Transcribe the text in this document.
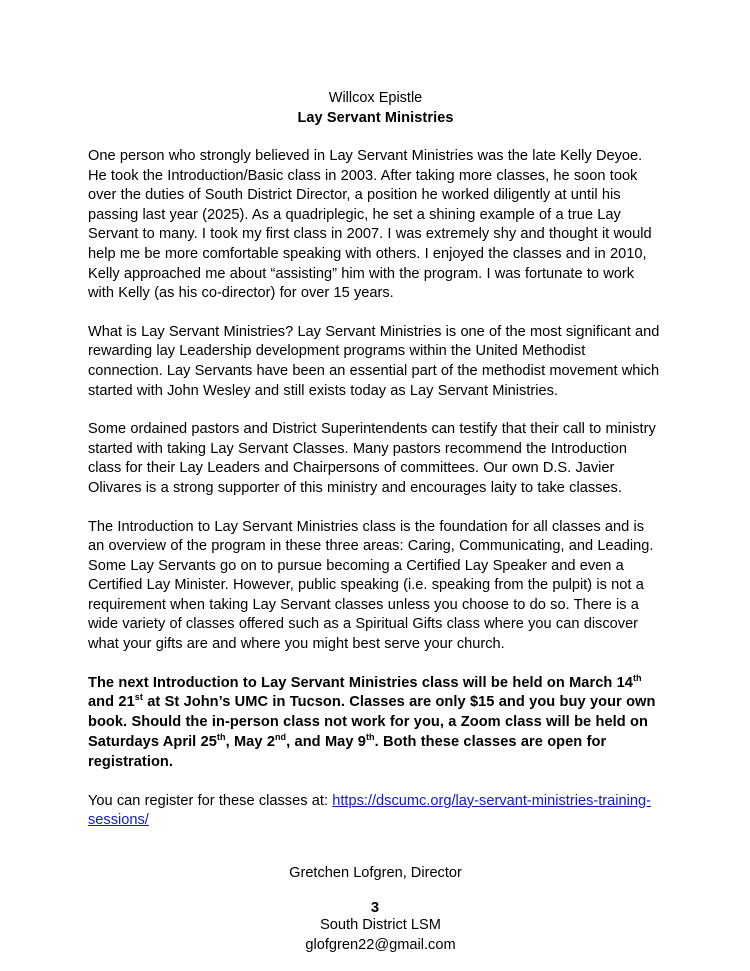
Willcox Epistle
Lay Servant Ministries

One person who strongly believed in Lay Servant Ministries was the late Kelly Deyoe. He took the Introduction/Basic class in 2003. After taking more classes, he soon took over the duties of South District Director, a position he worked diligently at until his passing last year (2025). As a quadriplegic, he set a shining example of a true Lay Servant to many. I took my first class in 2007. I was extremely shy and thought it would help me be more comfortable speaking with others. I enjoyed the classes and in 2010, Kelly approached me about “assisting” him with the program. I was fortunate to work with Kelly (as his co-director) for over 15 years.

What is Lay Servant Ministries? Lay Servant Ministries is one of the most significant and rewarding lay Leadership development programs within the United Methodist connection. Lay Servants have been an essential part of the methodist movement which started with John Wesley and still exists today as Lay Servant Ministries.

Some ordained pastors and District Superintendents can testify that their call to ministry started with taking Lay Servant Classes. Many pastors recommend the Introduction class for their Lay Leaders and Chairpersons of committees. Our own D.S. Javier Olivares is a strong supporter of this ministry and encourages laity to take classes.

The Introduction to Lay Servant Ministries class is the foundation for all classes and is an overview of the program in these three areas: Caring, Communicating, and Leading. Some Lay Servants go on to pursue becoming a Certified Lay Speaker and even a Certified Lay Minister. However, public speaking (i.e. speaking from the pulpit) is not a requirement when taking Lay Servant classes unless you choose to do so. There is a wide variety of classes offered such as a Spiritual Gifts class where you can discover what your gifts are and where you might best serve your church.

The next Introduction to Lay Servant Ministries class will be held on March 14th and 21st at St John’s UMC in Tucson. Classes are only $15 and you buy your own book. Should the in-person class not work for you, a Zoom class will be held on Saturdays April 25th, May 2nd, and May 9th. Both these classes are open for registration.

You can register for these classes at: https://dscumc.org/lay-servant-ministries-training-sessions/

Gretchen Lofgren, Director

South District LSM

glofgren22@gmail.com

3
